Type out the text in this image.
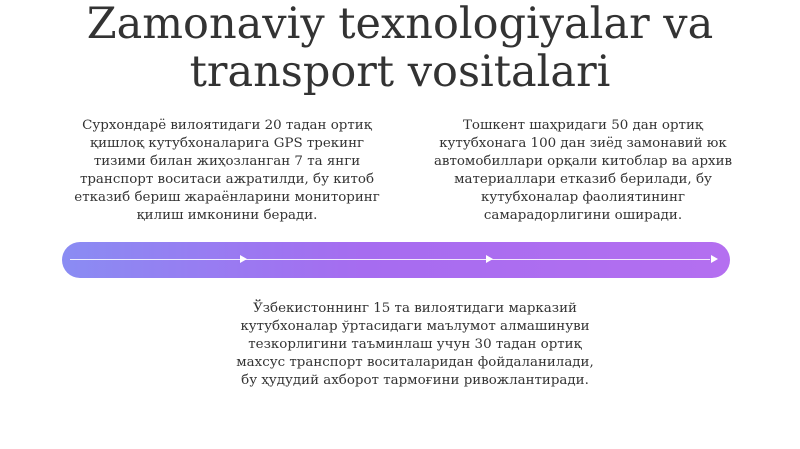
Zamonaviy texnologiyalar va transport vositalari
Сурхондарё вилоятидаги 20 тадан ортиқ қишлоқ кутубхоналарига GPS трекинг тизими билан жиҳозланган 7 та янги транспорт воситаси ажратилди, бу китоб етказиб бериш жараёнларини мониторинг қилиш имконини беради.
Тошкент шаҳридаги 50 дан ортиқ кутубхонага 100 дан зиёд замонавий юк автомобиллари орқали китоблар ва архив материаллари етказиб берилади, бу кутубхоналар фаолиятининг самарадорлигини оширади.
Ўзбекистоннинг 15 та вилоятидаги марказий кутубхоналар ўртасидаги маълумот алмашинуви тезкорлигини таъминлаш учун 30 тадан ортиқ махсус транспорт воситаларидан фойдаланилади, бу ҳудудий ахборот тармоғини ривожлантиради.
